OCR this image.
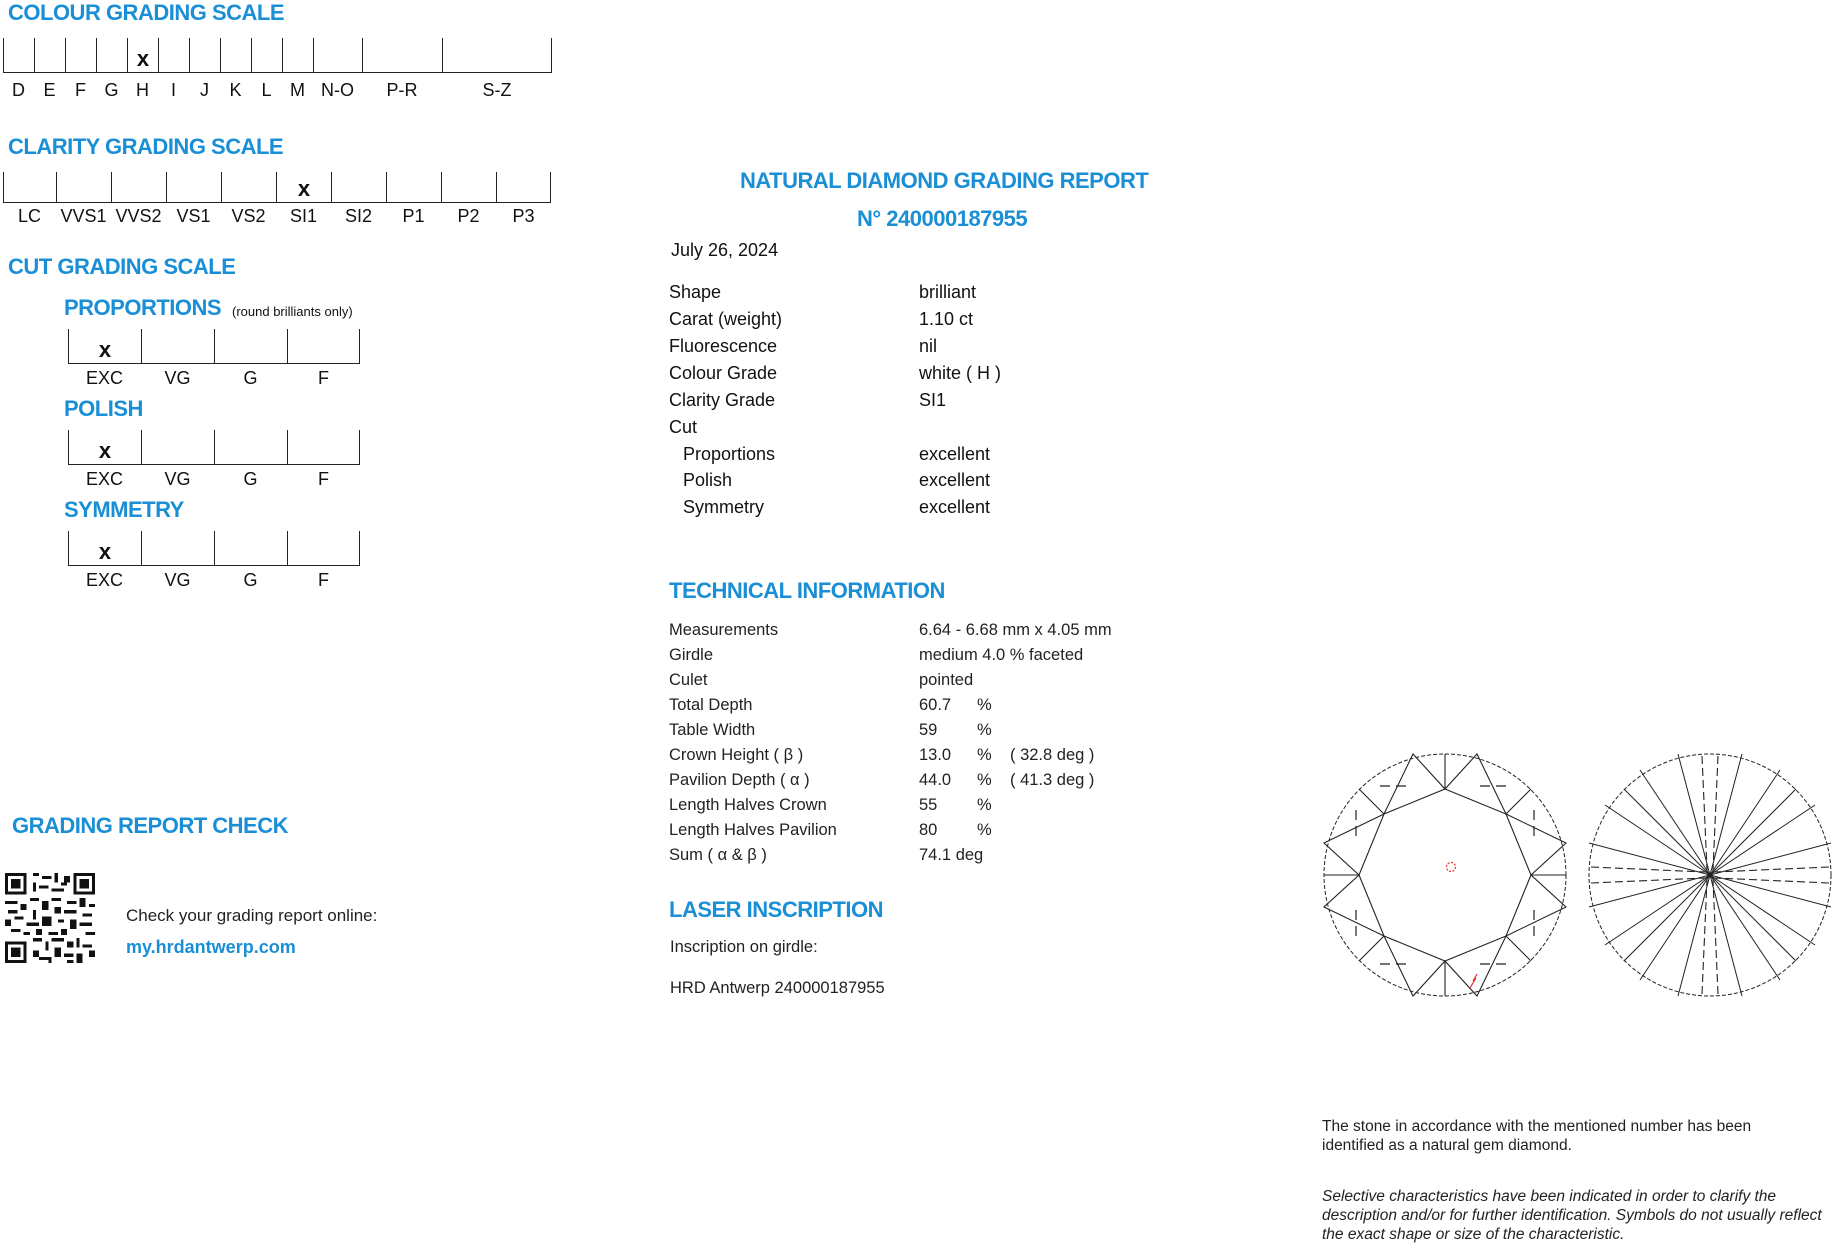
COLOUR GRADING SCALE
x
D	E	F	G H	I	J	K	L	M N-O	P-R	S-Z
CLARITY GRADING SCALE
x
LC	VVS1 VVS2 VS1	VS2	SI1	SI2	P1	P2	P3
CUT GRADING SCALE
PROPORTIONS (round brilliants only)
x
EXC	VG	G	F
POLISH
x
EXC	VG	G	F
SYMMETRY
x
EXC	VG	G	F
GRADING REPORT CHECK
Check your grading report online:
my.hrdantwerp.com
NATURAL DIAMOND GRADING REPORT
N° 240000187955
July 26, 2024
Shape	brilliant
Carat (weight)	1.10 ct
Fluorescence	nil
Colour Grade	white ( H )
Clarity Grade	SI1
Cut
Proportions	excellent
Polish	excellent
Symmetry	excellent
TECHNICAL INFORMATION
Measurements	6.64 - 6.68 mm x 4.05 mm
Girdle	medium 4.0 % faceted
Culet	pointed
Total Depth	60.7 %
Table Width	59 %
Crown Height ( β )	13.0 % ( 32.8 deg )
Pavilion Depth ( α )	44.0 % ( 41.3 deg )
Length Halves Crown	55 %
Length Halves Pavilion	80 %
Sum ( α & β )	74.1 deg
LASER INSCRIPTION
Inscription on girdle:
HRD Antwerp 240000187955
The stone in accordance with the mentioned number has been identified as a natural gem diamond.
Selective characteristics have been indicated in order to clarify the description and/or for further identification. Symbols do not usually reflect the exact shape or size of the characteristic.
